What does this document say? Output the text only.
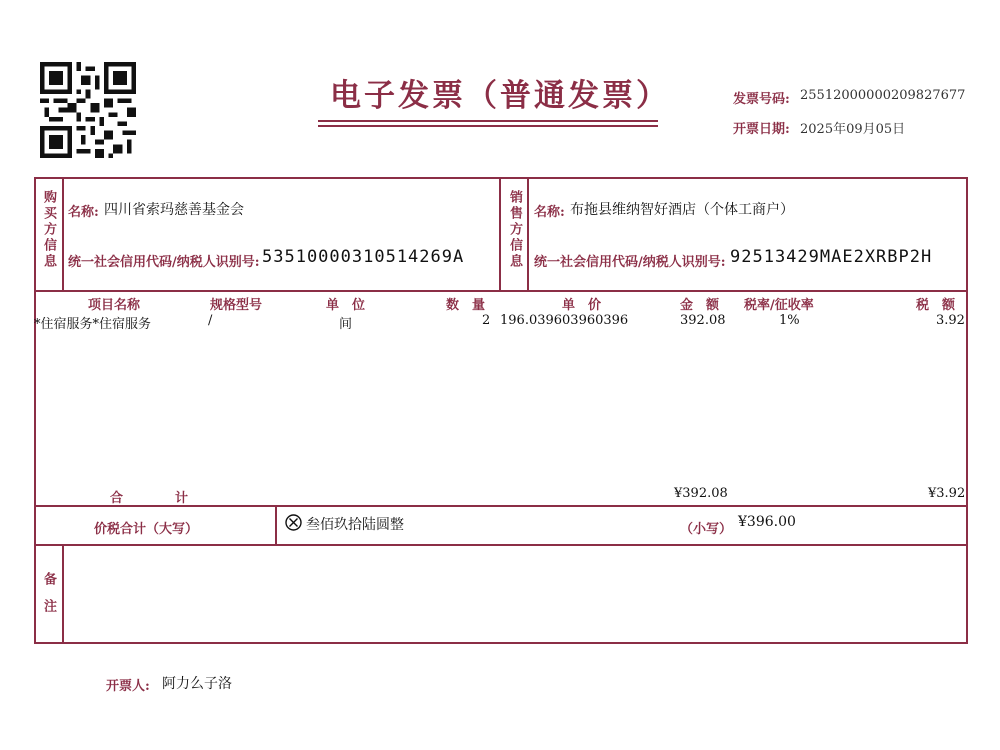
电子发票（普通发票）	发票号码: 25512000000209827677
开票日期: 2025年09月05日
购买方信息 名称: 四川省索玛慈善基金会
统一社会信用代码/纳税人识别号: 53510000310514269A	销售方信息 名称: 布拖县维纳智好酒店（个体工商户）
统一社会信用代码/纳税人识别号: 92513429MAE2XRBP2H
项目名称	规格型号	单　位	数　量	单　价	金　额 税率/征收率	税　额
*住宿服务*住宿服务	/	间	2 196.039603960396	392.08	1%	3.92
合　　　　计	¥392.08	¥3.92
价税合计（大写）	叁佰玖拾陆圆整	（小写） ¥396.00
备注
开票人: 阿力么子洛
